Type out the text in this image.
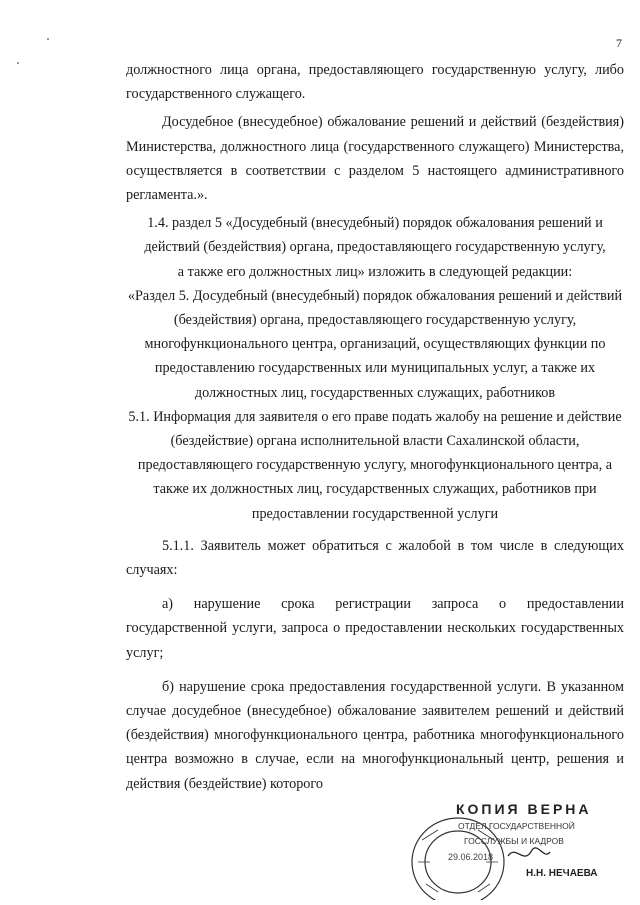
7

должностного лица органа, предоставляющего государственную услугу, либо государственного служащего.

Досудебное (внесудебное) обжалование решений и действий (бездействия) Министерства, должностного лица (государственного служащего) Министерства, осуществляется в соответствии с разделом 5 настоящего административного регламента.».

1.4. раздел 5 «Досудебный (внесудебный) порядок обжалования решений и действий (бездействия) органа, предоставляющего государственную услугу, а также его должностных лиц» изложить в следующей редакции:

«Раздел 5. Досудебный (внесудебный) порядок обжалования решений и действий (бездействия) органа, предоставляющего государственную услугу, многофункционального центра, организаций, осуществляющих функции по предоставлению государственных или муниципальных услуг, а также их должностных лиц, государственных служащих, работников

5.1. Информация для заявителя о его праве подать жалобу на решение и действие (бездействие) органа исполнительной власти Сахалинской области, предоставляющего государственную услугу, многофункционального центра, а также их должностных лиц, государственных служащих, работников при предоставлении государственной услуги

5.1.1. Заявитель может обратиться с жалобой в том числе в следующих случаях:

а) нарушение срока регистрации запроса о предоставлении государственной услуги, запроса о предоставлении нескольких государственных услуг;

б) нарушение срока предоставления государственной услуги. В указанном случае досудебное (внесудебное) обжалование заявителем решений и действий (бездействия) многофункционального центра, работника многофункционального центра возможно в случае, если на многофункциональный центр, решения и действия (бездействие) которого

КОПИЯ ВЕРНА
ОТДЕЛ ГОСУДАРСТВЕННОЙ
ГОССЛУЖБЫ И КАДРОВ
29.06.2018
Н.Н. НЕЧАЕВА
